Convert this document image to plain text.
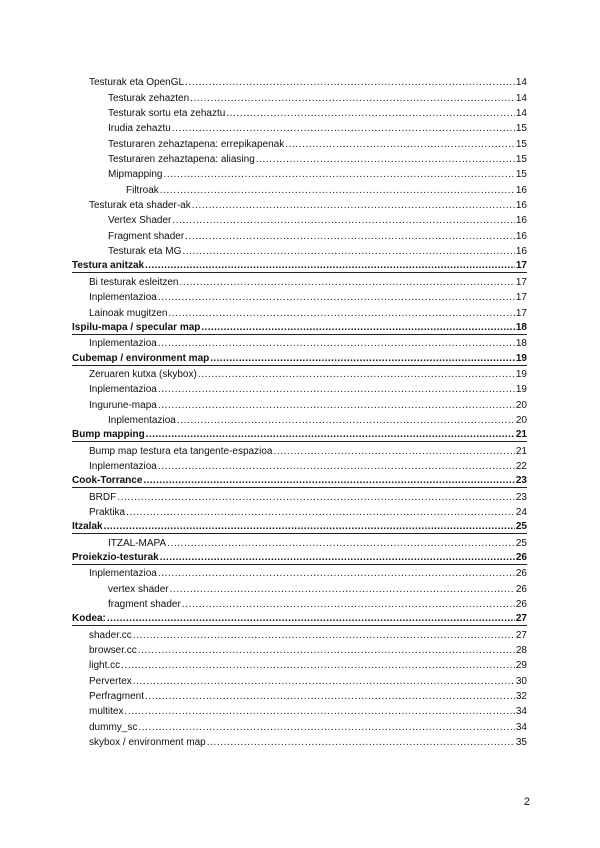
Testurak eta OpenGL .....	14
Testurak zehazten .....	14
Testurak sortu eta zehaztu .....	14
Irudia zehaztu .....	15
Testuraren zehaztapena: errepikapenak .....	15
Testuraren zehaztapena: aliasing .....	15
Mipmapping .....	15
Filtroak .....	16
Testurak eta shader-ak .....	16
Vertex Shader .....	16
Fragment shader .....	16
Testurak eta MG .....	16
Testura anitzak .....	17
Bi testurak esleitzen .....	17
Inplementazioa .....	17
Lainoak mugitzen .....	17
Ispilu-mapa / specular map .....	18
Inplementazioa .....	18
Cubemap / environment map .....	19
Zeruaren kutxa (skybox) .....	19
Inplementazioa .....	19
Ingurune-mapa .....	20
Inplementazioa .....	20
Bump mapping .....	21
Bump map testura eta tangente-espazioa .....	21
Inplementazioa .....	22
Cook-Torrance .....	23
BRDF .....	23
Praktika .....	24
Itzalak .....	25
ITZAL-MAPA .....	25
Proiekzio-testurak .....	26
Inplementazioa .....	26
vertex shader .....	26
fragment shader .....	26
Kodea: .....	27
shader.cc .....	27
browser.cc .....	28
light.cc .....	29
Pervertex .....	30
Perfragment .....	32
multitex .....	34
dummy_sc .....	34
skybox / environment map .....	35
2
